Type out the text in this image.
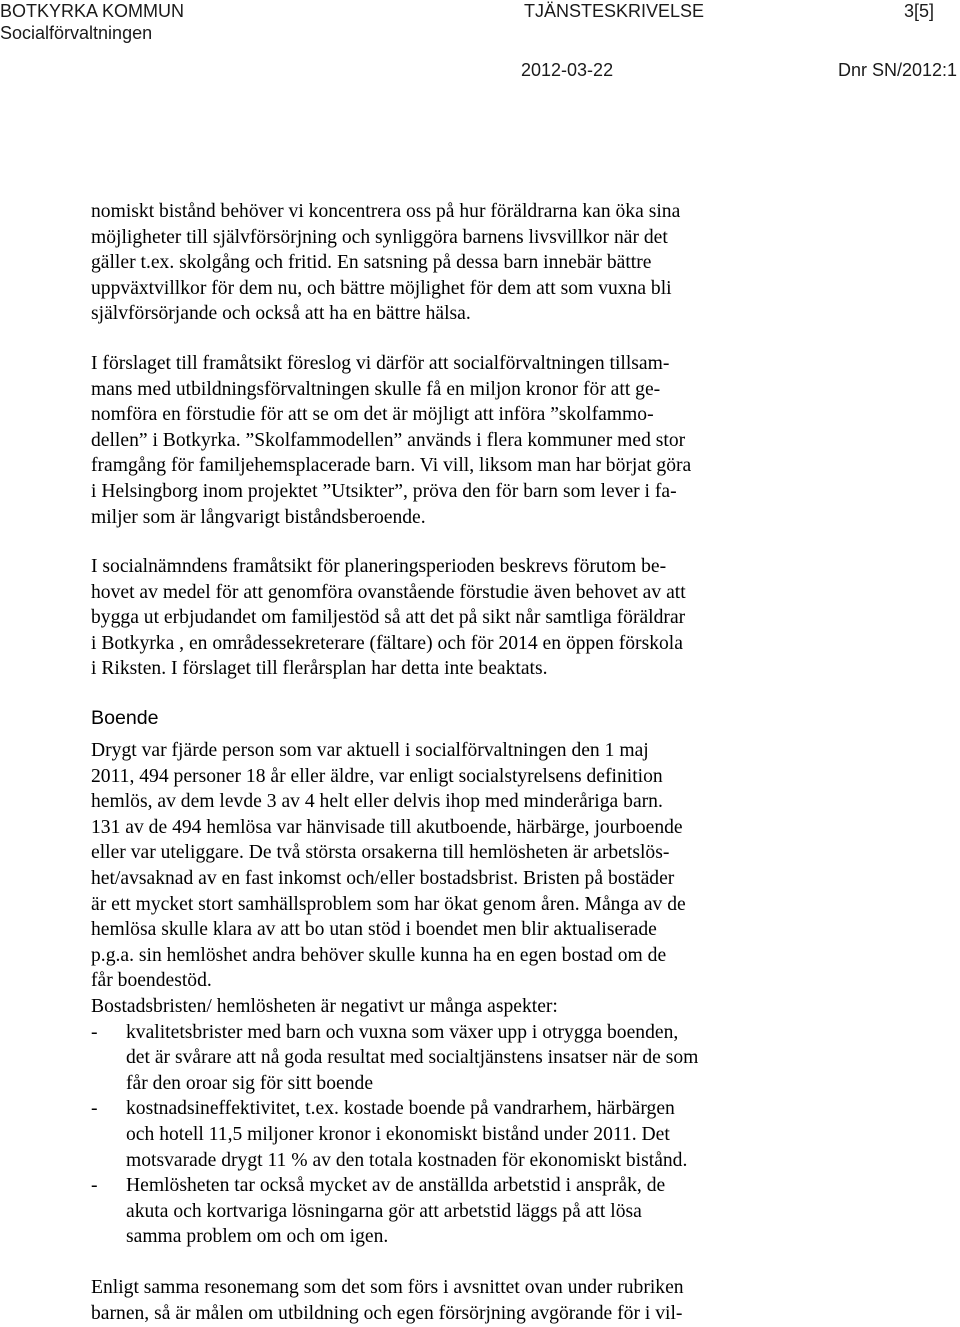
BOTKYRKA KOMMUN
Socialförvaltningen
TJÄNSTESKRIVELSE	3[5]
2012-03-22	Dnr SN/2012:1
nomiskt bistånd behöver vi koncentrera oss på hur föräldrarna kan öka sina
möjligheter till självförsörjning och synliggöra barnens livsvillkor när det
gäller t.ex. skolgång och fritid. En satsning på dessa barn innebär bättre
uppväxtvillkor för dem nu, och bättre möjlighet för dem att som vuxna bli
självförsörjande och också att ha en bättre hälsa.
I förslaget till framåtsikt föreslog vi därför att socialförvaltningen tillsam-
mans med utbildningsförvaltningen skulle få en miljon kronor för att ge-
nomföra en förstudie för att se om det är möjligt att införa ”skolfammo-
dellen” i Botkyrka. ”Skolfammodellen” används i flera kommuner med stor
framgång för familjehemsplacerade barn. Vi vill, liksom man har börjat göra
i Helsingborg inom projektet ”Utsikter”, pröva den för barn som lever i fa-
miljer som är långvarigt biståndsberoende.
I socialnämndens framåtsikt för planeringsperioden beskrevs förutom be-
hovet av medel för att genomföra ovanstående förstudie även behovet av att
bygga ut erbjudandet om familjestöd så att det på sikt når samtliga föräldrar
i Botkyrka , en områdessekreterare (fältare) och för 2014 en öppen förskola
i Riksten. I förslaget till flerårsplan har detta inte beaktats.
Boende
Drygt var fjärde person som var aktuell i socialförvaltningen den 1 maj
2011, 494 personer 18 år eller äldre, var enligt socialstyrelsens definition
hemlös, av dem levde 3 av 4 helt eller delvis ihop med minderåriga barn.
131 av de 494 hemlösa var hänvisade till akutboende, härbärge, jourboende
eller var uteliggare. De två största orsakerna till hemlösheten är arbetslös-
het/avsaknad av en fast inkomst och/eller bostadsbrist. Bristen på bostäder
är ett mycket stort samhällsproblem som har ökat genom åren. Många av de
hemlösa skulle klara av att bo utan stöd i boendet men blir aktualiserade
p.g.a. sin hemlöshet andra behöver skulle kunna ha en egen bostad om de
får boendestöd.
Bostadsbristen/ hemlösheten är negativt ur många aspekter:
- kvalitetsbrister med barn och vuxna som växer upp i otrygga boenden,
det är svårare att nå goda resultat med socialtjänstens insatser när de som
får den oroar sig för sitt boende
- kostnadsineffektivitet, t.ex. kostade boende på vandrarhem, härbärgen
och hotell 11,5 miljoner kronor i ekonomiskt bistånd under 2011. Det
motsvarade drygt 11 % av den totala kostnaden för ekonomiskt bistånd.
- Hemlösheten tar också mycket av de anställda arbetstid i anspråk, de
akuta och kortvariga lösningarna gör att arbetstid läggs på att lösa
samma problem om och om igen.
Enligt samma resonemang som det som förs i avsnittet ovan under rubriken
barnen, så är målen om utbildning och egen försörjning avgörande för i vil-
